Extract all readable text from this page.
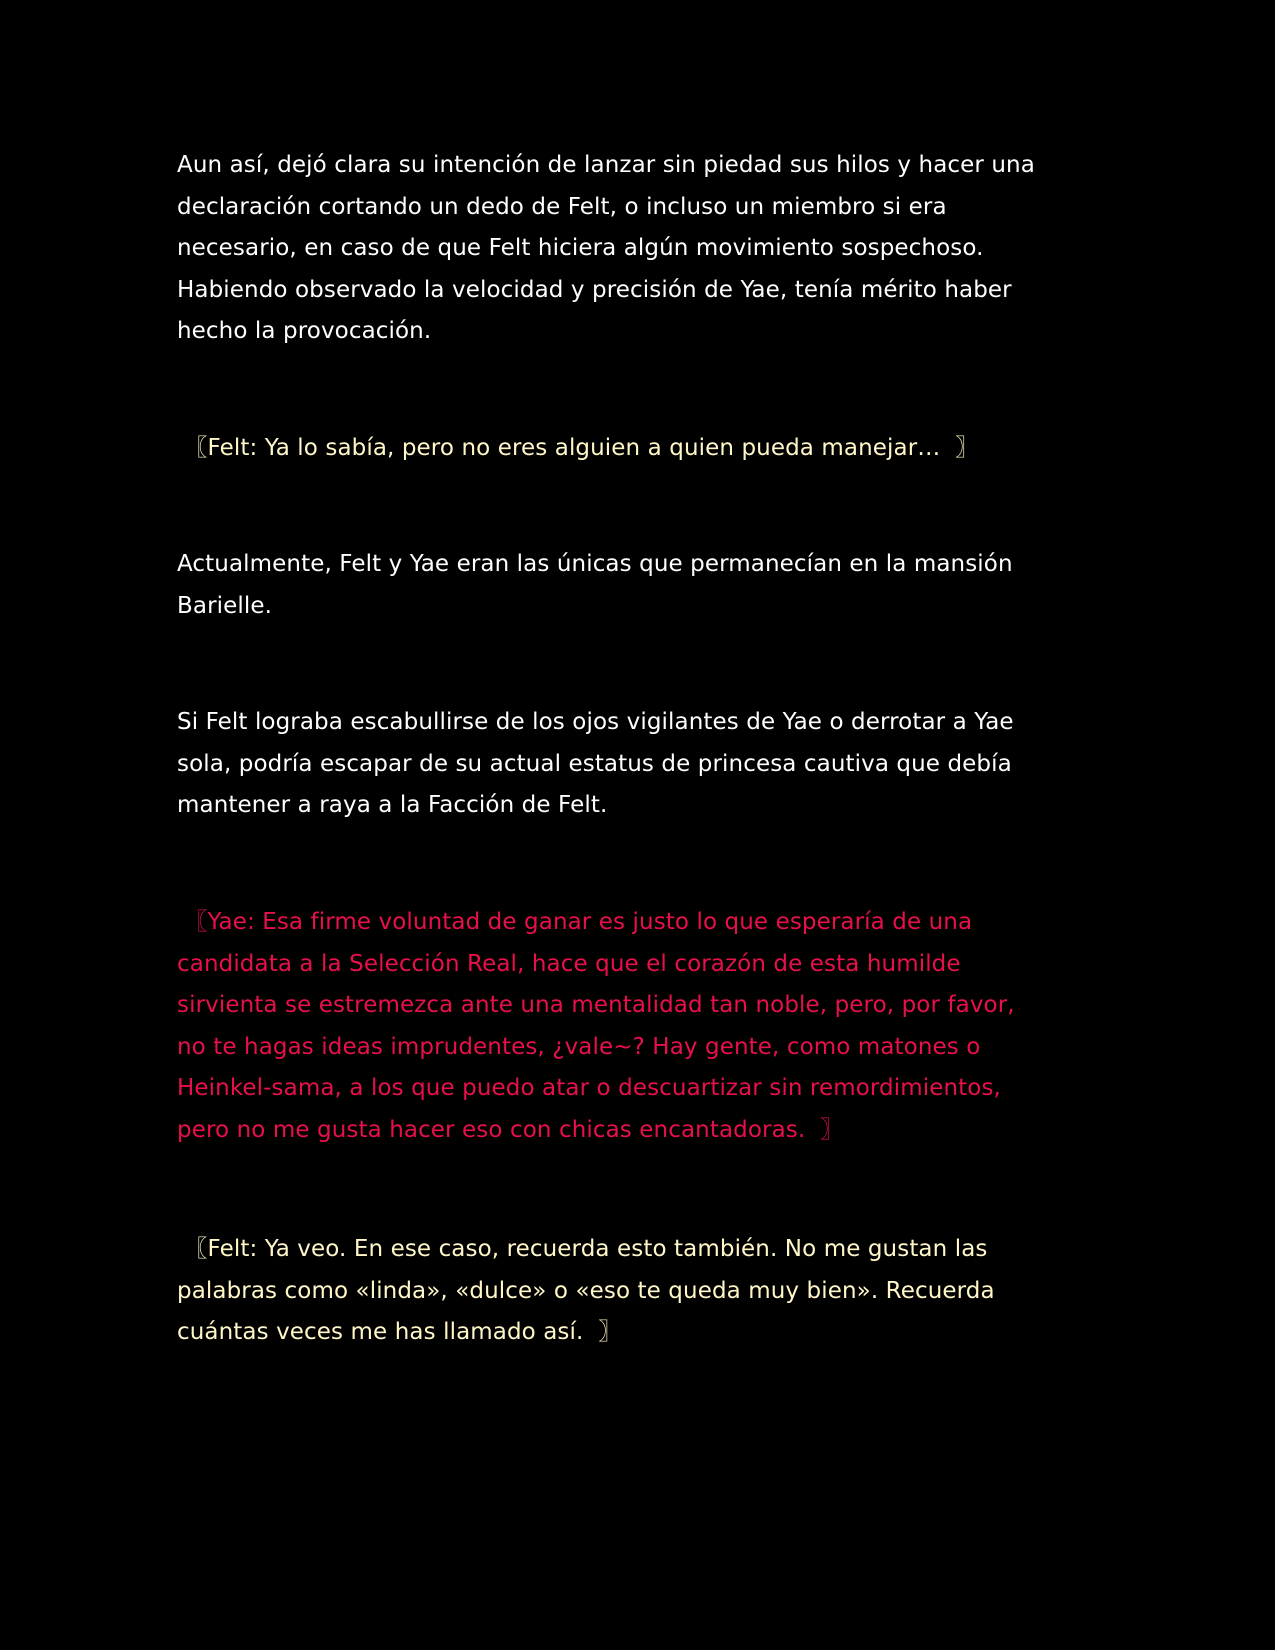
Aun así, dejó clara su intención de lanzar sin piedad sus hilos y hacer una
declaración cortando un dedo de Felt, o incluso un miembro si era
necesario, en caso de que Felt hiciera algún movimiento sospechoso.
Habiendo observado la velocidad y precisión de Yae, tenía mérito haber
hecho la provocación.

〖Felt: Ya lo sabía, pero no eres alguien a quien pueda manejar…  〗

Actualmente, Felt y Yae eran las únicas que permanecían en la mansión
Barielle.

Si Felt lograba escabullirse de los ojos vigilantes de Yae o derrotar a Yae
sola, podría escapar de su actual estatus de princesa cautiva que debía
mantener a raya a la Facción de Felt.

〖Yae: Esa firme voluntad de ganar es justo lo que esperaría de una
candidata a la Selección Real, hace que el corazón de esta humilde
sirvienta se estremezca ante una mentalidad tan noble, pero, por favor,
no te hagas ideas imprudentes, ¿vale~? Hay gente, como matones o
Heinkel-sama, a los que puedo atar o descuartizar sin remordimientos,
pero no me gusta hacer eso con chicas encantadoras.  〗

〖Felt: Ya veo. En ese caso, recuerda esto también. No me gustan las
palabras como «linda», «dulce» o «eso te queda muy bien». Recuerda
cuántas veces me has llamado así.  〗
